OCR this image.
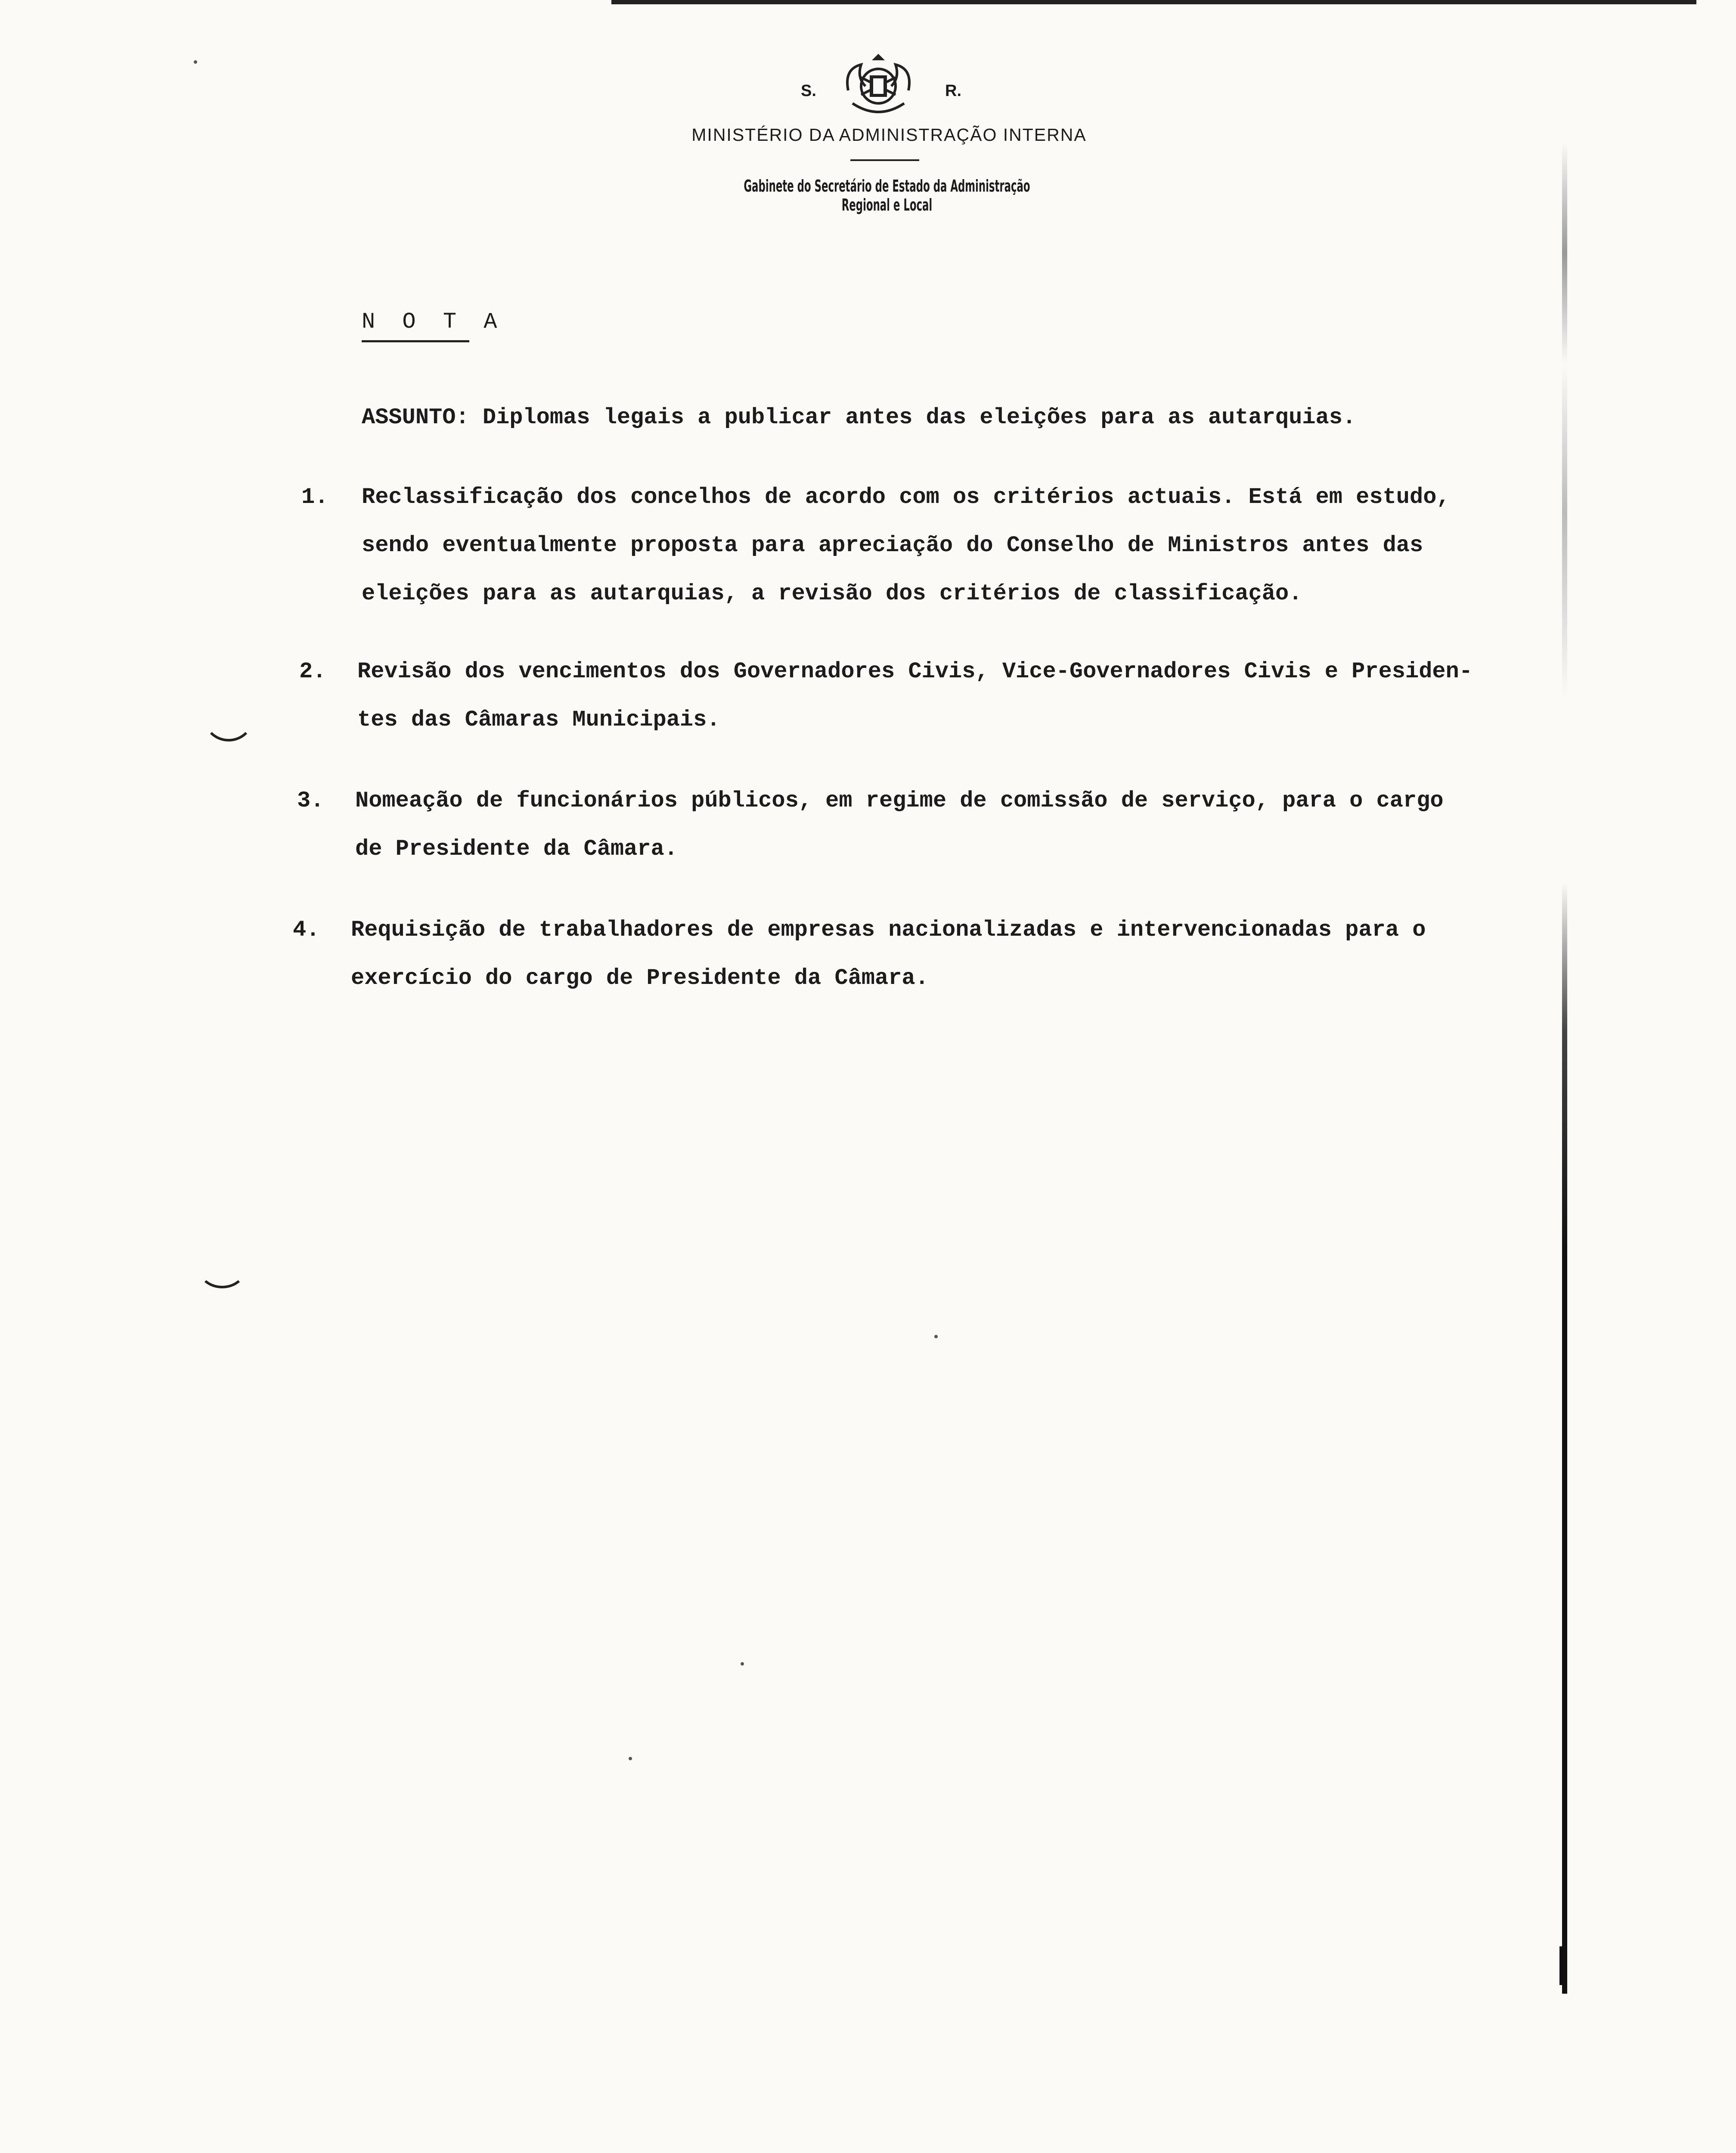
S.	R.
MINISTÉRIO DA ADMINISTRAÇÃO INTERNA
Gabinete do Secretário de Estado da Administração Regional e Local
N O T A
ASSUNTO: Diplomas legais a publicar antes das eleições para as autarquias.
1. Reclassificação dos concelhos de acordo com os critérios actuais. Está em estudo,
sendo eventualmente proposta para apreciação do Conselho de Ministros antes das
eleições para as autarquias, a revisão dos critérios de classificação.
2. Revisão dos vencimentos dos Governadores Civis, Vice-Governadores Civis e Presiden-
tes das Câmaras Municipais.
3. Nomeação de funcionários públicos, em regime de comissão de serviço, para o cargo
de Presidente da Câmara.
4. Requisição de trabalhadores de empresas nacionalizadas e intervencionadas para o
exercício do cargo de Presidente da Câmara.
